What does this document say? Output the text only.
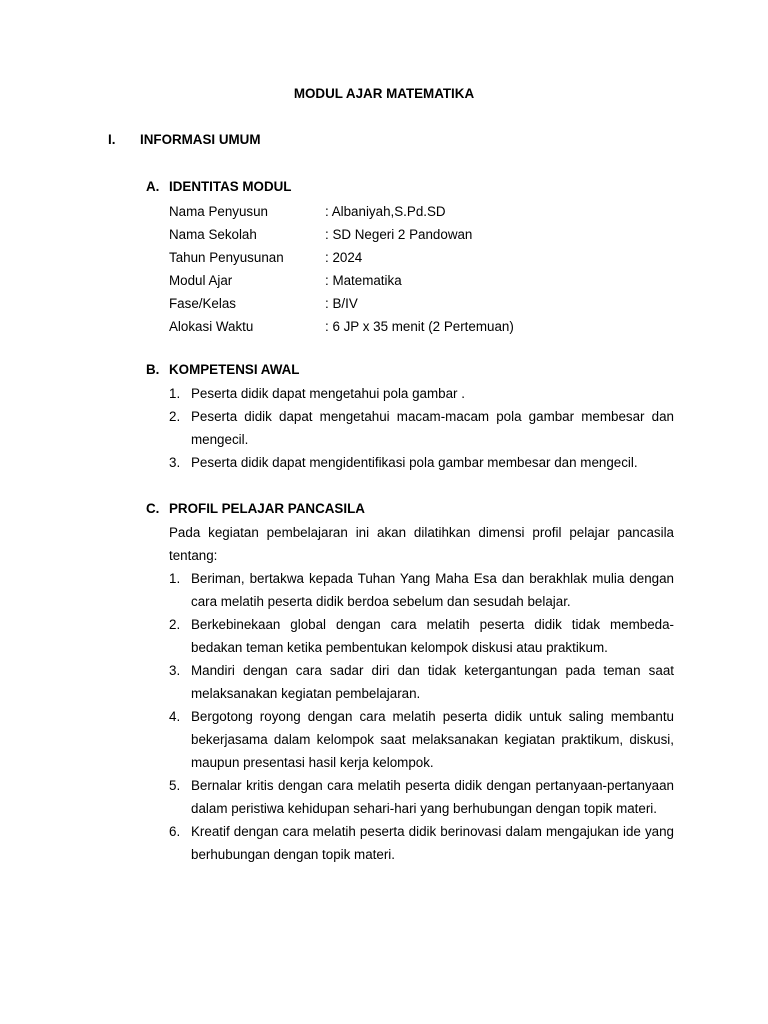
MODUL AJAR MATEMATIKA
I. INFORMASI UMUM
A. IDENTITAS MODUL
Nama Penyusun	: Albaniyah,S.Pd.SD
Nama Sekolah	: SD Negeri 2 Pandowan
Tahun Penyusunan	: 2024
Modul Ajar	: Matematika
Fase/Kelas	: B/IV
Alokasi Waktu	: 6 JP x 35 menit (2 Pertemuan)
B. KOMPETENSI AWAL
1. Peserta didik dapat mengetahui pola gambar .
2. Peserta didik dapat mengetahui macam-macam pola gambar membesar dan mengecil.
3. Peserta didik dapat mengidentifikasi pola gambar membesar dan mengecil.
C. PROFIL PELAJAR PANCASILA
Pada kegiatan pembelajaran ini akan dilatihkan dimensi profil pelajar pancasila tentang:
1. Beriman, bertakwa kepada Tuhan Yang Maha Esa dan berakhlak mulia dengan cara melatih peserta didik berdoa sebelum dan sesudah belajar.
2. Berkebinekaan global dengan cara melatih peserta didik tidak membeda-bedakan teman ketika pembentukan kelompok diskusi atau praktikum.
3. Mandiri dengan cara sadar diri dan tidak ketergantungan pada teman saat melaksanakan kegiatan pembelajaran.
4. Bergotong royong dengan cara melatih peserta didik untuk saling membantu bekerjasama dalam kelompok saat melaksanakan kegiatan praktikum, diskusi, maupun presentasi hasil kerja kelompok.
5. Bernalar kritis dengan cara melatih peserta didik dengan pertanyaan-pertanyaan dalam peristiwa kehidupan sehari-hari yang berhubungan dengan topik materi.
6. Kreatif dengan cara melatih peserta didik berinovasi dalam mengajukan ide yang berhubungan dengan topik materi.
